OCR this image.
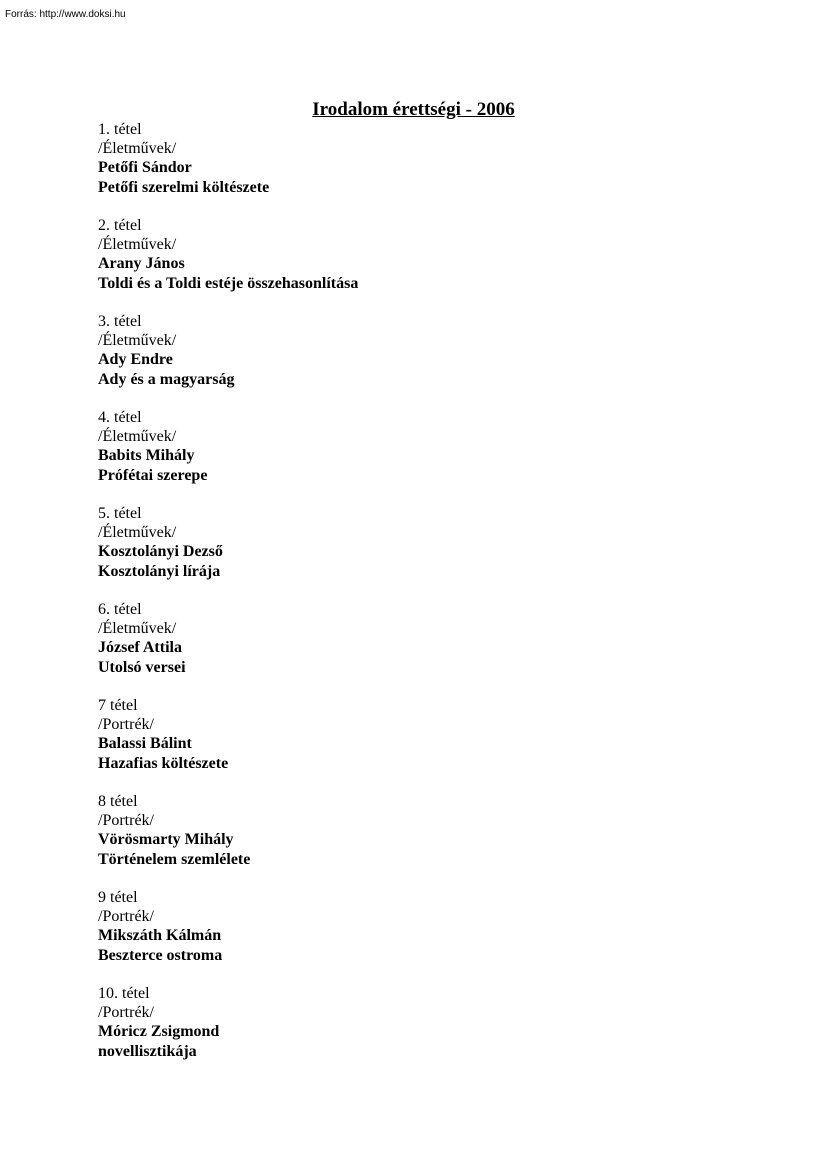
Forrás: http://www.doksi.hu
Irodalom érettségi - 2006
1. tétel
/Életművek/
Petőfi Sándor
Petőfi szerelmi költészete
2. tétel
/Életművek/
Arany János
Toldi és a Toldi estéje összehasonlítása
3. tétel
/Életművek/
Ady Endre
Ady és a magyarság
4. tétel
/Életművek/
Babits Mihály
Prófétai szerepe
5. tétel
/Életművek/
Kosztolányi Dezső
Kosztolányi lírája
6. tétel
/Életművek/
József Attila
Utolsó versei
7 tétel
/Portrék/
Balassi Bálint
Hazafias költészete
8 tétel
/Portrék/
Vörösmarty Mihály
Történelem szemlélete
9 tétel
/Portrék/
Mikszáth Kálmán
Beszterce ostroma
10. tétel
/Portrék/
Móricz Zsigmond
novellisztikája
